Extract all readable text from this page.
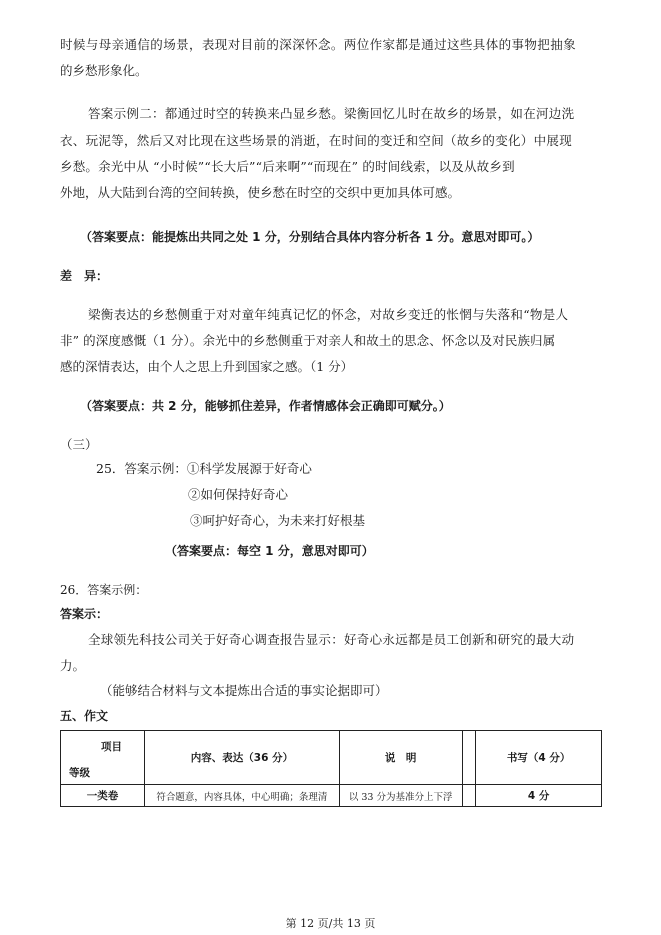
时候与母亲通信的场景，表现对目前的深深怀念。两位作家都是通过这些具体的事物把抽象
的乡愁形象化。
答案示例二：都通过时空的转换来凸显乡愁。梁衡回忆儿时在故乡的场景，如在河边洗
衣、玩泥等，然后又对比现在这些场景的消逝，在时间的变迁和空间（故乡的变化）中展现
乡愁。余光中从 “小时候”“长大后”“后来啊”“而现在” 的时间线索，以及从故乡到
外地，从大陆到台湾的空间转换，使乡愁在时空的交织中更加具体可感。
（答案要点：能提炼出共同之处 1 分，分别结合具体内容分析各 1 分。意思对即可。）
差　异：
梁衡表达的乡愁侧重于对对童年纯真记忆的怀念，对故乡变迁的怅惘与失落和“物是人
非” 的深度感慨（1 分）。余光中的乡愁侧重于对亲人和故土的思念、怀念以及对民族归属
感的深情表达，由个人之思上升到国家之感。（1 分）
（答案要点：共 2 分，能够抓住差异，作者情感体会正确即可赋分。）
（三）
25．答案示例：①科学发展源于好奇心
②如何保持好奇心
③呵护好奇心，为未来打好根基
（答案要点：每空 1 分，意思对即可）
26．答案示例：
答案示：
全球领先科技公司关于好奇心调查报告显示：好奇心永远都是员工创新和研究的最大动
力。
（能够结合材料与文本提炼出合适的事实论据即可）
五、作文
项目
等级	内容、表达（36 分）	说　明		书写（4 分）
一类卷	符合题意，内容具体，中心明确；条理清	以 33 分为基准分上下浮		4 分
第 12 页/共 13 页
